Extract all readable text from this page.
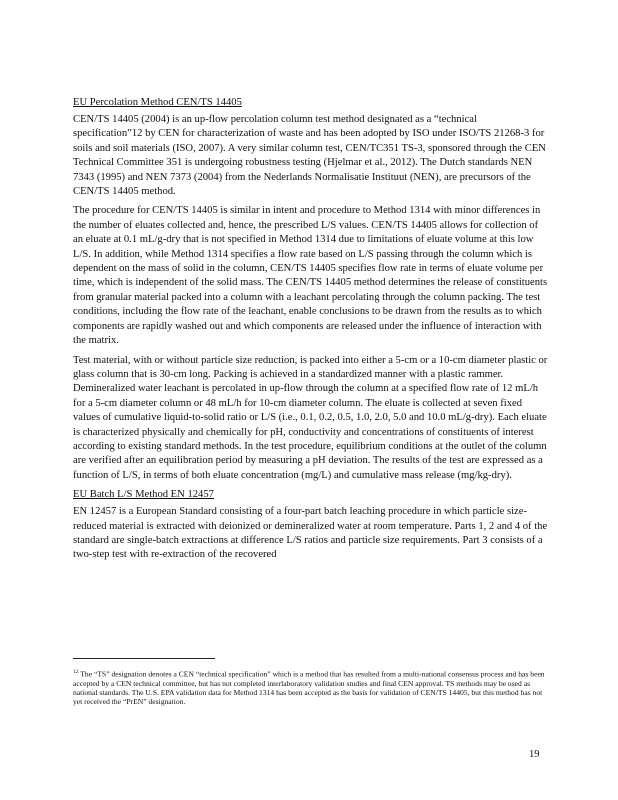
EU Percolation Method CEN/TS 14405

CEN/TS 14405 (2004) is an up-flow percolation column test method designated as a “technical specification”12 by CEN for characterization of waste and has been adopted by ISO under ISO/TS 21268-3 for soils and soil materials (ISO, 2007). A very similar column test, CEN/TC351 TS-3, sponsored through the CEN Technical Committee 351 is undergoing robustness testing (Hjelmar et al., 2012). The Dutch standards NEN 7343 (1995) and NEN 7373 (2004) from the Nederlands Normalisatie Instituut (NEN), are precursors of the CEN/TS 14405 method.

The procedure for CEN/TS 14405 is similar in intent and procedure to Method 1314 with minor differences in the number of eluates collected and, hence, the prescribed L/S values. CEN/TS 14405 allows for collection of an eluate at 0.1 mL/g-dry that is not specified in Method 1314 due to limitations of eluate volume at this low L/S. In addition, while Method 1314 specifies a flow rate based on L/S passing through the column which is dependent on the mass of solid in the column, CEN/TS 14405 specifies flow rate in terms of eluate volume per time, which is independent of the solid mass. The CEN/TS 14405 method determines the release of constituents from granular material packed into a column with a leachant percolating through the column packing. The test conditions, including the flow rate of the leachant, enable conclusions to be drawn from the results as to which components are rapidly washed out and which components are released under the influence of interaction with the matrix.

Test material, with or without particle size reduction, is packed into either a 5-cm or a 10-cm diameter plastic or glass column that is 30-cm long. Packing is achieved in a standardized manner with a plastic rammer. Demineralized water leachant is percolated in up-flow through the column at a specified flow rate of 12 mL/h for a 5-cm diameter column or 48 mL/h for 10-cm diameter column. The eluate is collected at seven fixed values of cumulative liquid-to-solid ratio or L/S (i.e., 0.1, 0.2, 0.5, 1.0, 2.0, 5.0 and 10.0 mL/g-dry). Each eluate is characterized physically and chemically for pH, conductivity and concentrations of constituents of interest according to existing standard methods. In the test procedure, equilibrium conditions at the outlet of the column are verified after an equilibration period by measuring a pH deviation. The results of the test are expressed as a function of L/S, in terms of both eluate concentration (mg/L) and cumulative mass release (mg/kg-dry).

EU Batch L/S Method EN 12457

EN 12457 is a European Standard consisting of a four-part batch leaching procedure in which particle size-reduced material is extracted with deionized or demineralized water at room temperature. Parts 1, 2 and 4 of the standard are single-batch extractions at difference L/S ratios and particle size requirements. Part 3 consists of a two-step test with re-extraction of the recovered

$^{12}$ The “TS” designation denotes a CEN “technical specification” which is a method that has resulted from a multi-national consensus process and has been accepted by a CEN technical committee, but has not completed interlaboratory validation studies and final CEN approval. TS methods may be used as national standards. The U.S. EPA validation data for Method 1314 has been accepted as the basis for validation of CEN/TS 14405, but this method has not yet received the “PrEN” designation.
19
